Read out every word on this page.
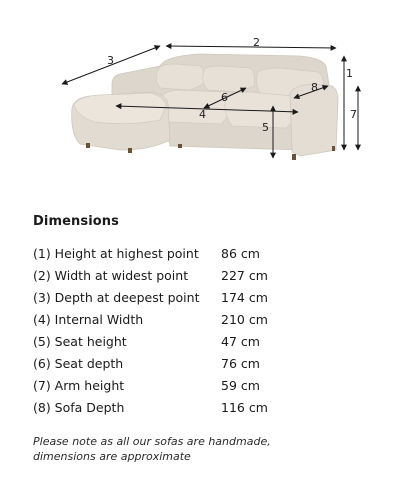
1
2
3
4
5
6
7
8
Dimensions
(1) Height at highest point	86 cm
(2) Width at widest point	227 cm
(3) Depth at deepest point	174 cm
(4) Internal Width	210 cm
(5) Seat height	47 cm
(6) Seat depth	76 cm
(7) Arm height	59 cm
(8) Sofa Depth	116 cm
Please note as all our sofas are handmade,
dimensions are approximate
